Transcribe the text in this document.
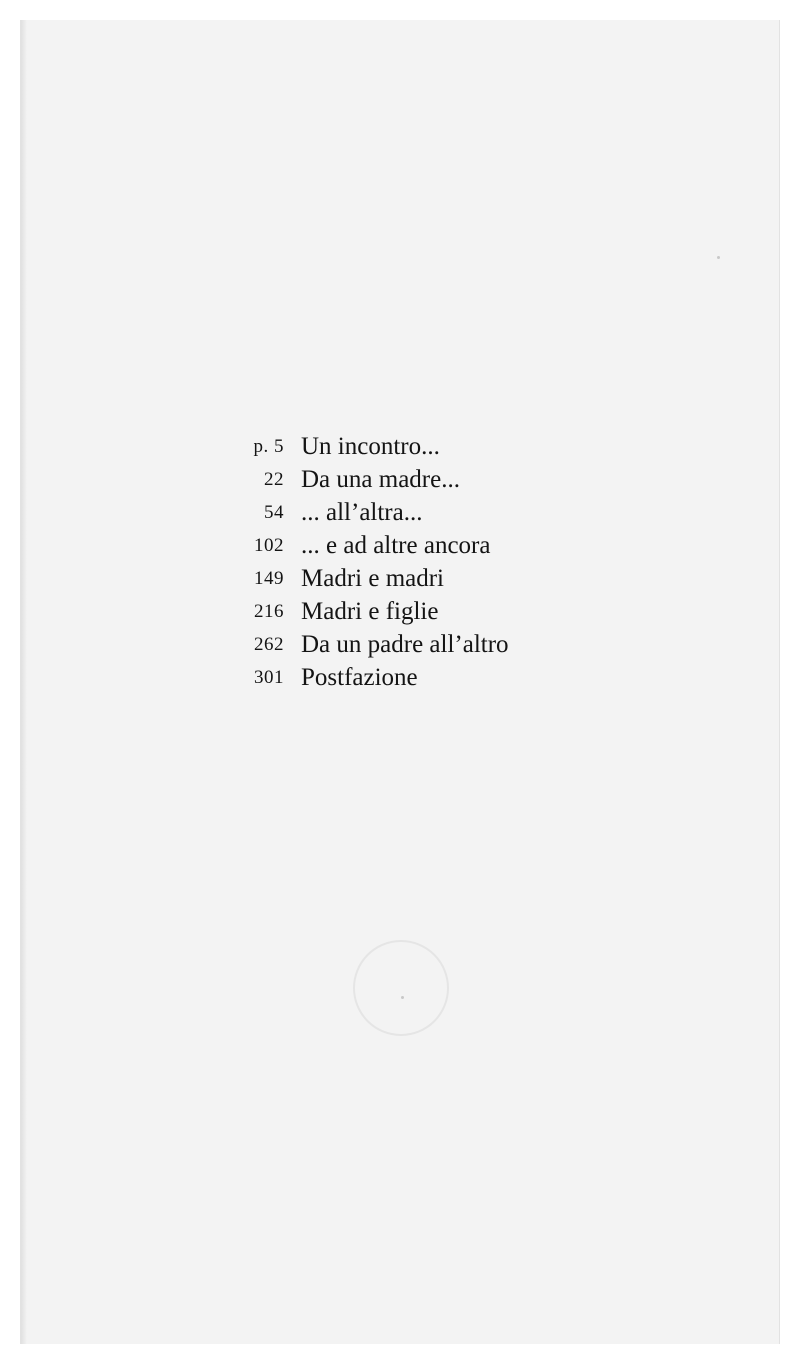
p. 5 Un incontro...
22 Da una madre...
54 ... all’altra...
102 ... e ad altre ancora
149 Madri e madri
216 Madri e figlie
262 Da un padre all’altro
301 Postfazione
